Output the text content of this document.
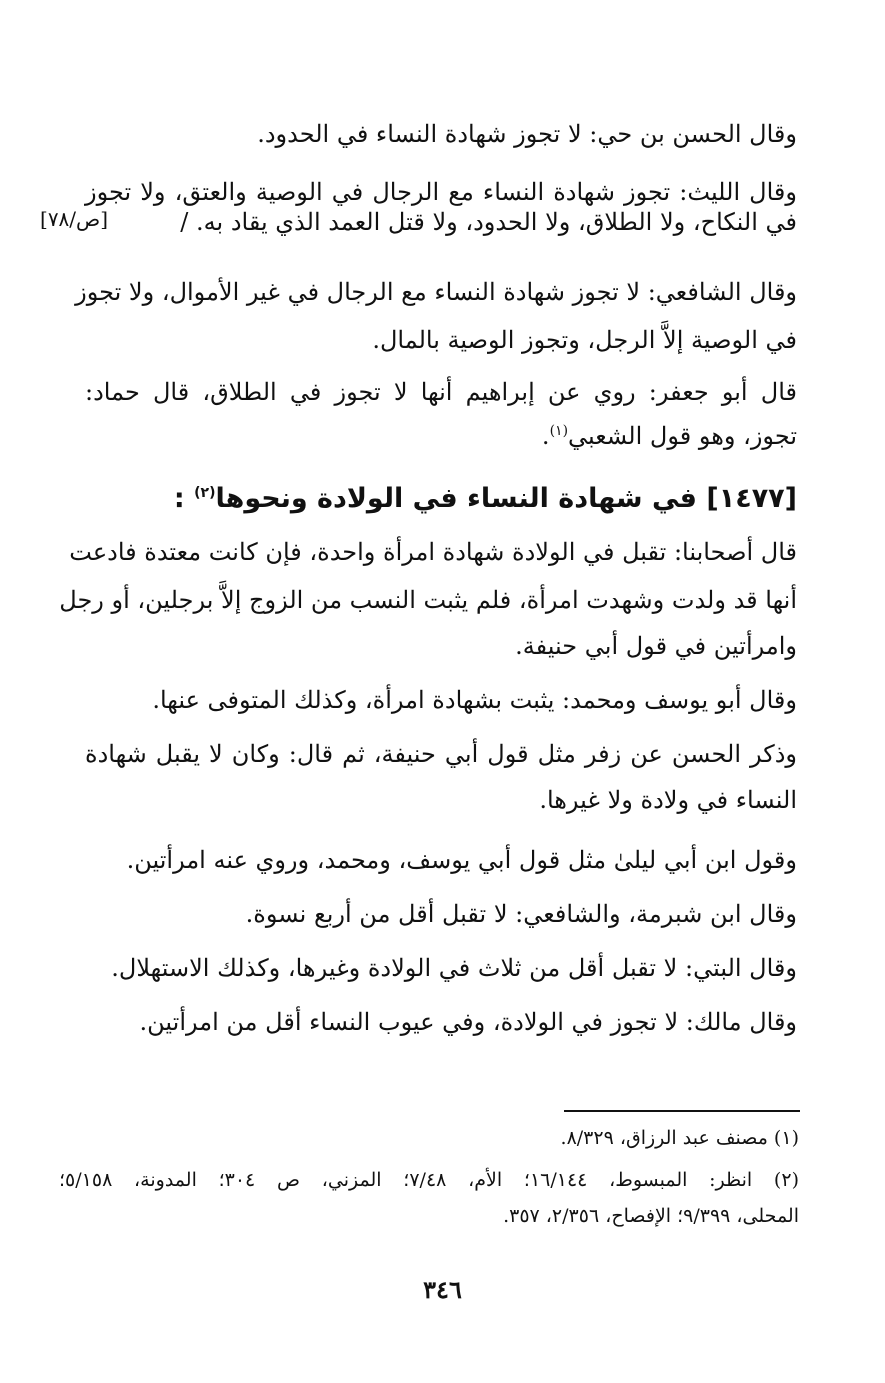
وقال الحسن بن حي: لا تجوز شهادة النساء في الحدود.
وقال الليث: تجوز شهادة النساء مع الرجال في الوصية والعتق، ولا تجوز
في النكاح، ولا الطلاق، ولا الحدود، ولا قتل العمد الذي يقاد به. /
[ص/٧٨]
وقال الشافعي: لا تجوز شهادة النساء مع الرجال في غير الأموال، ولا تجوز
في الوصية إلاَّ الرجل، وتجوز الوصية بالمال.
قال أبو جعفر: روي عن إبراهيم أنها لا تجوز في الطلاق، قال حماد:
تجوز، وهو قول الشعبي$^{(١)}$.
[١٤٧٧] في شهادة النساء في الولادة ونحوها$^{(٢)}$ :
قال أصحابنا: تقبل في الولادة شهادة امرأة واحدة، فإن كانت معتدة فادعت
أنها قد ولدت وشهدت امرأة، فلم يثبت النسب من الزوج إلاَّ برجلين، أو رجل
وامرأتين في قول أبي حنيفة.
وقال أبو يوسف ومحمد: يثبت بشهادة امرأة، وكذلك المتوفى عنها.
وذكر الحسن عن زفر مثل قول أبي حنيفة، ثم قال: وكان لا يقبل شهادة
النساء في ولادة ولا غيرها.
وقول ابن أبي ليلىٰ مثل قول أبي يوسف، ومحمد، وروي عنه امرأتين.
وقال ابن شبرمة، والشافعي: لا تقبل أقل من أربع نسوة.
وقال البتي: لا تقبل أقل من ثلاث في الولادة وغيرها، وكذلك الاستهلال.
وقال مالك: لا تجوز في الولادة، وفي عيوب النساء أقل من امرأتين.
(١) مصنف عبد الرزاق، ٨/٣٢٩.
(٢) انظر: المبسوط، ١٦/١٤٤؛ الأم، ٧/٤٨؛ المزني، ص ٣٠٤؛ المدونة، ٥/١٥٨؛
المحلى، ٩/٣٩٩؛ الإفصاح، ٢/٣٥٦، ٣٥٧.
٣٤٦
